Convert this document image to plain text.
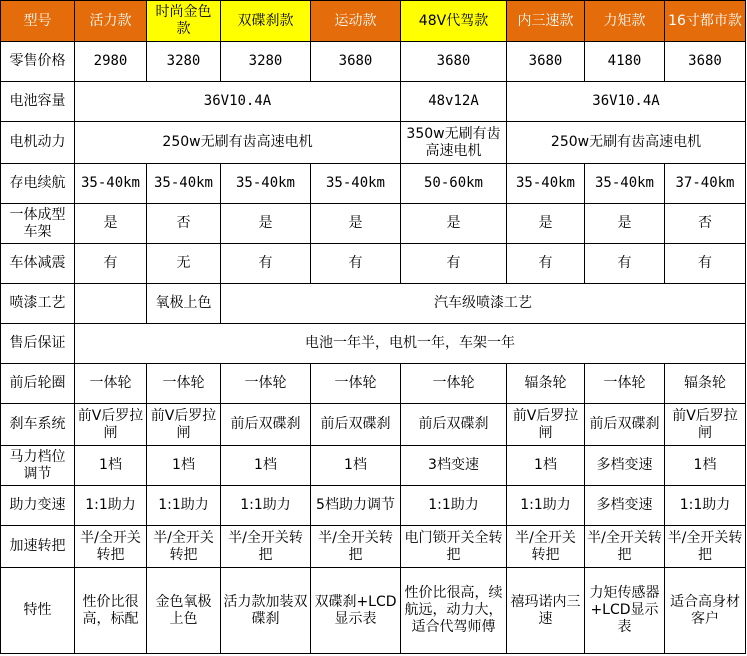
型号	活力款	时尚金色款	双碟刹款	运动款	48V代驾款	内三速款	力矩款	16寸都市款
零售价格	2980	3280	3280	3680	3680	3680	4180	3680
电池容量	36V10.4A				48v12A	36V10.4A		
电机动力	250w无刷有齿高速电机				350w无刷有齿高速电机	250w无刷有齿高速电机		
存电续航	35-40km	35-40km	35-40km	35-40km	50-60km	35-40km	35-40km	37-40km
一体成型车架	是	否	是	是	是	是	是	否
车体减震	有	无	有	有	有	有	有	有
喷漆工艺		氧极上色	汽车级喷漆工艺					
售后保证	电池一年半，电机一年，车架一年							
前后轮圈	一体轮	一体轮	一体轮	一体轮	一体轮	辐条轮	一体轮	辐条轮
刹车系统	前V后罗拉闸	前V后罗拉闸	前后双碟刹	前后双碟刹	前后双碟刹	前V后罗拉闸	前后双碟刹	前V后罗拉闸
马力档位调节	1档	1档	1档	1档	3档变速	1档	多档变速	1档
助力变速	1:1助力	1:1助力	1:1助力	5档助力调节	1:1助力	1:1助力	多档变速	1:1助力
加速转把	半/全开关转把	半/全开关转把	半/全开关转把	半/全开关转把	电门锁开关全转把	半/全开关转把	半/全开关转把	半/全开关转把
特性	性价比很高，标配	金色氧极上色	活力款加装双碟刹	双碟刹+LCD显示表	性价比很高，续航远，动力大，适合代驾师傅	禧玛诺内三速	力矩传感器+LCD显示表	适合高身材客户
